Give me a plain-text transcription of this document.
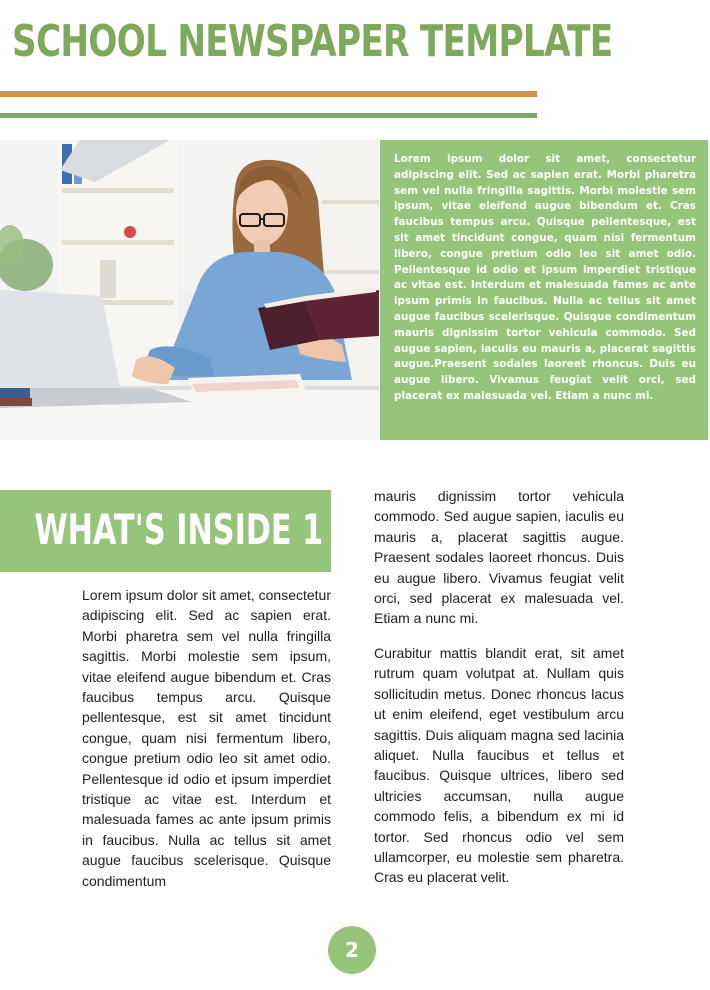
SCHOOL NEWSPAPER TEMPLATE

Lorem ipsum dolor sit amet, consectetur adipiscing elit. Sed ac sapien erat. Morbi pharetra sem vel nulla fringilla sagittis. Morbi molestie sem ipsum, vitae eleifend augue bibendum et. Cras faucibus tempus arcu. Quisque pellentesque, est sit amet tincidunt congue, quam nisi fermentum libero, congue pretium odio leo sit amet odio. Pellentesque id odio et ipsum imperdiet tristique ac vitae est. Interdum et malesuada fames ac ante ipsum primis in faucibus. Nulla ac tellus sit amet augue faucibus scelerisque. Quisque condimentum mauris dignissim tortor vehicula commodo. Sed augue sapien, iaculis eu mauris a, placerat sagittis augue.Praesent sodales laoreet rhoncus. Duis eu augue libero. Vivamus feugiat velit orci, sed placerat ex malesuada vel. Etiam a nunc mi.

WHAT'S INSIDE 1

Lorem ipsum dolor sit amet, consectetur adipiscing elit. Sed ac sapien erat. Morbi pharetra sem vel nulla fringilla sagittis. Morbi molestie sem ipsum, vitae eleifend augue bibendum et. Cras faucibus tempus arcu. Quisque pellentesque, est sit amet tincidunt congue, quam nisi fermentum libero, congue pretium odio leo sit amet odio. Pellentesque id odio et ipsum imperdiet tristique ac vitae est. Interdum et malesuada fames ac ante ipsum primis in faucibus. Nulla ac tellus sit amet augue faucibus scelerisque. Quisque condimentum

mauris dignissim tortor vehicula commodo. Sed augue sapien, iaculis eu mauris a, placerat sagittis augue. Praesent sodales laoreet rhoncus. Duis eu augue libero. Vivamus feugiat velit orci, sed placerat ex malesuada vel. Etiam a nunc mi.

Curabitur mattis blandit erat, sit amet rutrum quam volutpat at. Nullam quis sollicitudin metus. Donec rhoncus lacus ut enim eleifend, eget vestibulum arcu sagittis. Duis aliquam magna sed lacinia aliquet. Nulla faucibus et tellus et faucibus. Quisque ultrices, libero sed ultricies accumsan, nulla augue commodo felis, a bibendum ex mi id tortor. Sed rhoncus odio vel sem ullamcorper, eu molestie sem pharetra. Cras eu placerat velit.

2
